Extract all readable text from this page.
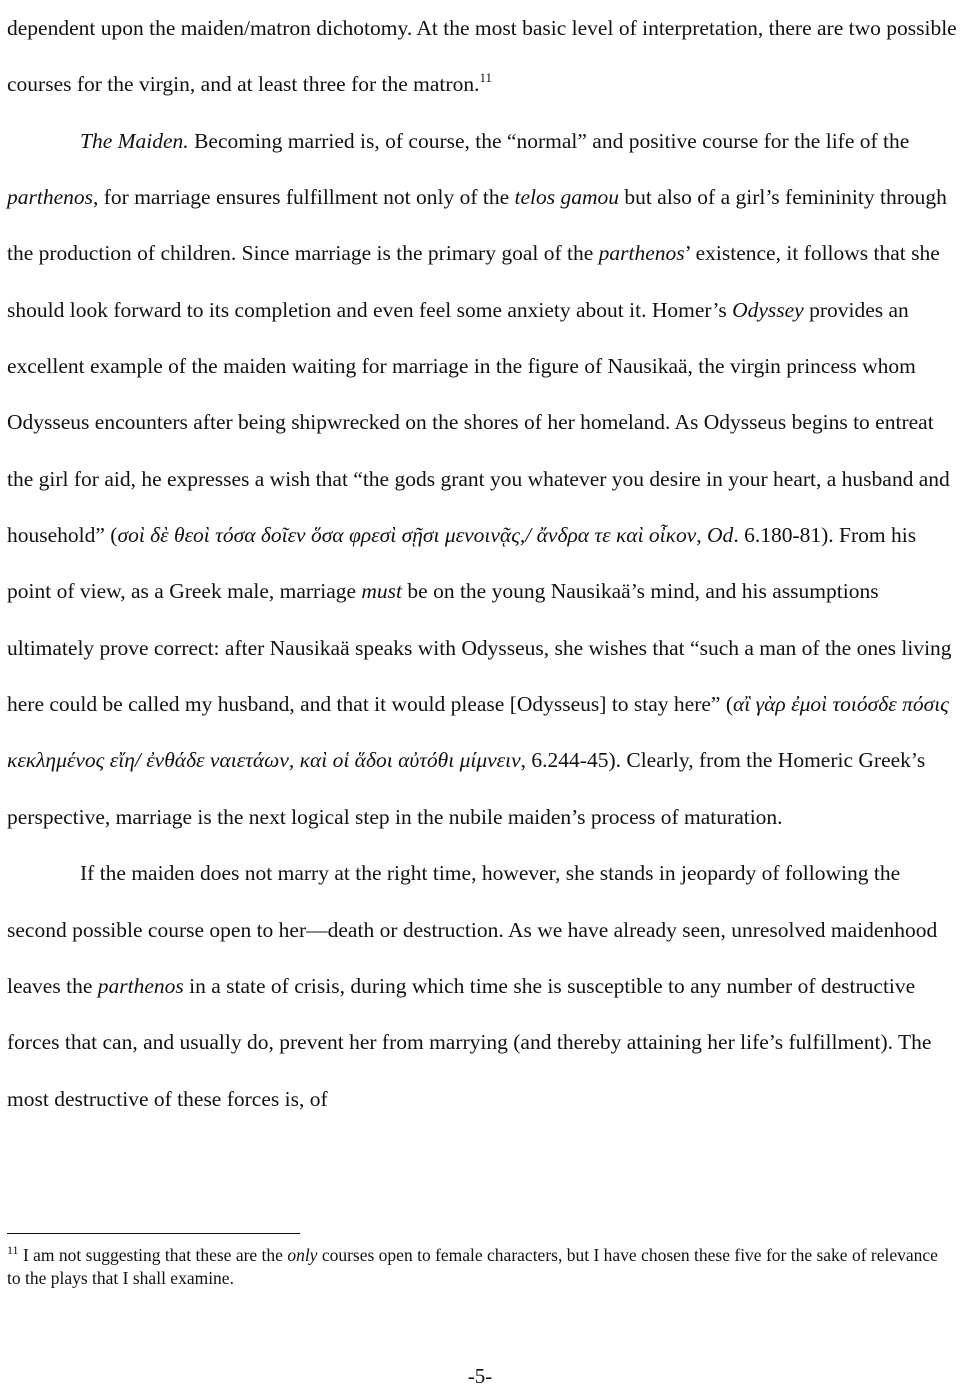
dependent upon the maiden/matron dichotomy. At the most basic level of interpretation, there are two possible courses for the virgin, and at least three for the matron.$^{11}$

The Maiden. Becoming married is, of course, the “normal” and positive course for the life of the parthenos, for marriage ensures fulfillment not only of the telos gamou but also of a girl’s femininity through the production of children. Since marriage is the primary goal of the parthenos’ existence, it follows that she should look forward to its completion and even feel some anxiety about it. Homer’s Odyssey provides an excellent example of the maiden waiting for marriage in the figure of Nausikaä, the virgin princess whom Odysseus encounters after being shipwrecked on the shores of her homeland. As Odysseus begins to entreat the girl for aid, he expresses a wish that “the gods grant you whatever you desire in your heart, a husband and household” (σοὶ δὲ θεοὶ τόσα δοῖεν ὅσα φρεσὶ σῇσι μενοινᾷς,/ ἄνδρα τε καὶ οἶκον, Od. 6.180-81). From his point of view, as a Greek male, marriage must be on the young Nausikaä’s mind, and his assumptions ultimately prove correct: after Nausikaä speaks with Odysseus, she wishes that “such a man of the ones living here could be called my husband, and that it would please [Odysseus] to stay here” (αἲ γὰρ ἐμοὶ τοιόσδε πόσις κεκλημένος εἴη/ ἐνθάδε ναιετάων, καὶ οἱ ἅδοι αὐτόθι μίμνειν, 6.244-45). Clearly, from the Homeric Greek’s perspective, marriage is the next logical step in the nubile maiden’s process of maturation.

If the maiden does not marry at the right time, however, she stands in jeopardy of following the second possible course open to her—death or destruction. As we have already seen, unresolved maidenhood leaves the parthenos in a state of crisis, during which time she is susceptible to any number of destructive forces that can, and usually do, prevent her from marrying (and thereby attaining her life’s fulfillment). The most destructive of these forces is, of

$^{11}$ I am not suggesting that these are the only courses open to female characters, but I have chosen these five for the sake of relevance to the plays that I shall examine.
-5-
